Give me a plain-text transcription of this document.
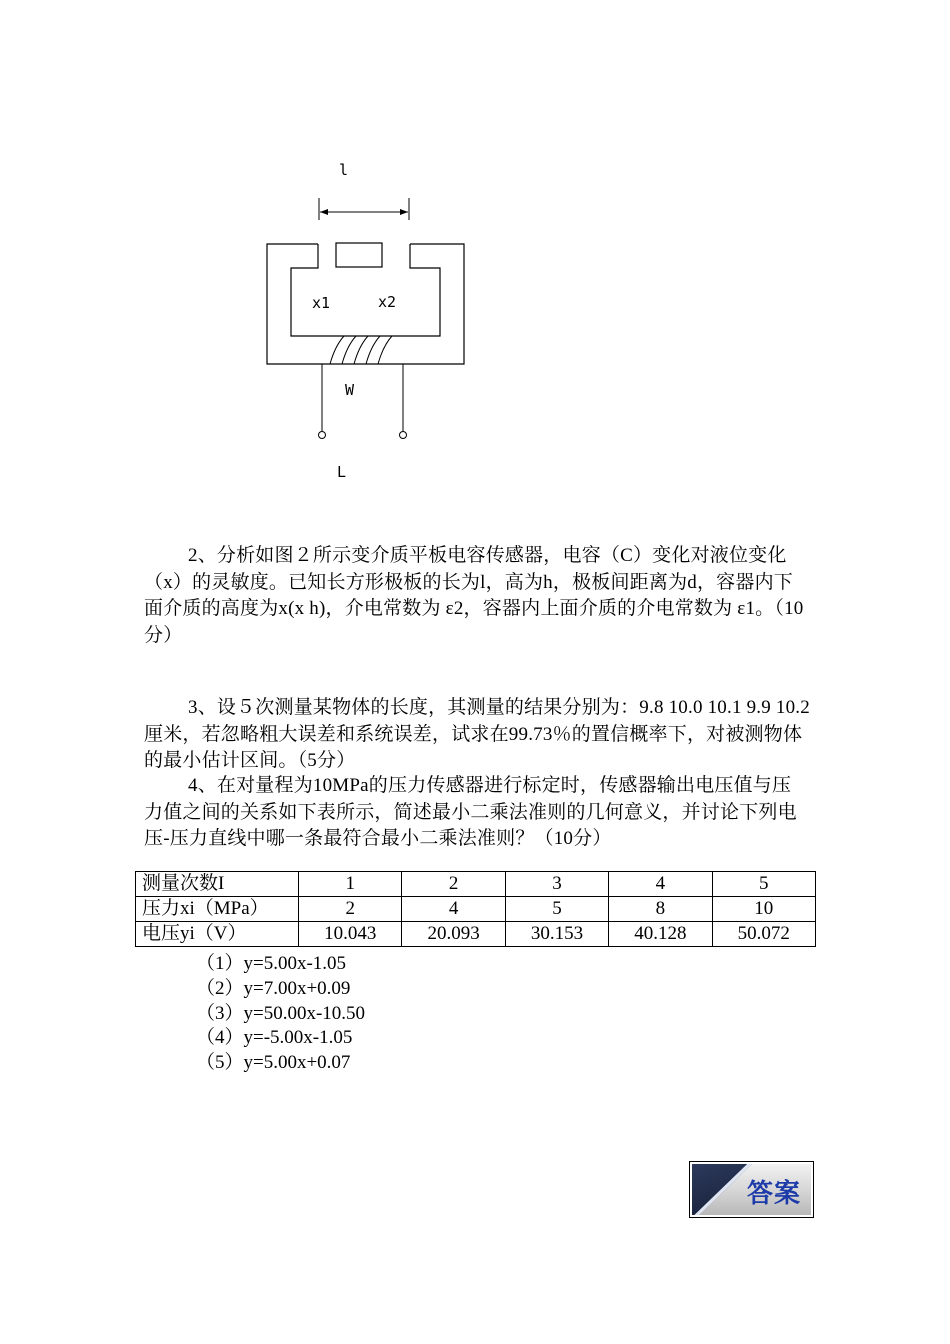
l
x1	x2
W
L
2、分析如图２所示变介质平板电容传感器，电容（C）变化对液位变化（x）的灵敏度。已知长方形极板的长为l，高为h，极板间距离为d，容器内下面介质的高度为x(x h)，介电常数为 ε2，容器内上面介质的介电常数为 ε1。（10分）
3、设５次测量某物体的长度，其测量的结果分别为：9.8 10.0 10.1 9.9 10.2厘米，若忽略粗大误差和系统误差，试求在99.73％的置信概率下，对被测物体的最小估计区间。（5分）
4、在对量程为10MPa的压力传感器进行标定时，传感器输出电压值与压力值之间的关系如下表所示，简述最小二乘法准则的几何意义，并讨论下列电压-压力直线中哪一条最符合最小二乘法准则？（10分）
测量次数I	1	2	3	4	5
压力xi（MPa）	2	4	5	8	10
电压yi（V）	10.043	20.093	30.153	40.128	50.072
（1）y=5.00x-1.05
（2）y=7.00x+0.09
（3）y=50.00x-10.50
（4）y=-5.00x-1.05
（5）y=5.00x+0.07
答案
